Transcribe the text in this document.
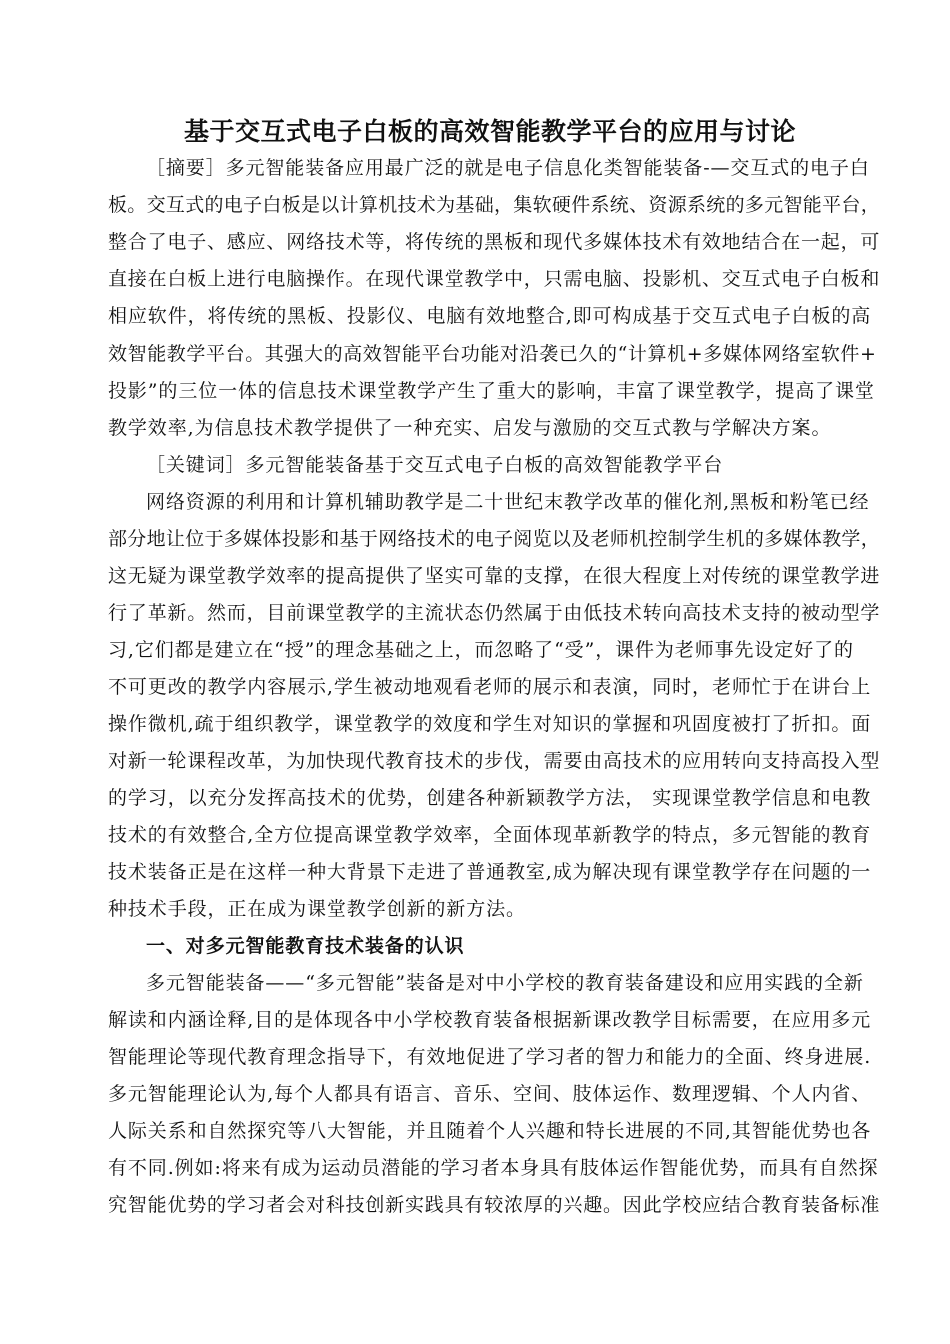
基于交互式电子白板的高效智能教学平台的应用与讨论
［摘要］多元智能装备应用最广泛的就是电子信息化类智能装备-—交互式的电子白
板。交互式的电子白板是以计算机技术为基础，集软硬件系统、资源系统的多元智能平台，
整合了电子、感应、网络技术等，将传统的黑板和现代多媒体技术有效地结合在一起，可
直接在白板上进行电脑操作。在现代课堂教学中，只需电脑、投影机、交互式电子白板和
相应软件，将传统的黑板、投影仪、电脑有效地整合,即可构成基于交互式电子白板的高
效智能教学平台。其强大的高效智能平台功能对沿袭已久的“计算机+多媒体网络室软件+
投影”的三位一体的信息技术课堂教学产生了重大的影响，丰富了课堂教学，提高了课堂
教学效率,为信息技术教学提供了一种充实、启发与激励的交互式教与学解决方案。
［关键词］多元智能装备基于交互式电子白板的高效智能教学平台
网络资源的利用和计算机辅助教学是二十世纪末教学改革的催化剂,黑板和粉笔已经
部分地让位于多媒体投影和基于网络技术的电子阅览以及老师机控制学生机的多媒体教学，
这无疑为课堂教学效率的提高提供了坚实可靠的支撑，在很大程度上对传统的课堂教学进
行了革新。然而，目前课堂教学的主流状态仍然属于由低技术转向高技术支持的被动型学
习,它们都是建立在“授”的理念基础之上，而忽略了“受”，课件为老师事先设定好了的
不可更改的教学内容展示,学生被动地观看老师的展示和表演，同时，老师忙于在讲台上
操作微机,疏于组织教学，课堂教学的效度和学生对知识的掌握和巩固度被打了折扣。面
对新一轮课程改革，为加快现代教育技术的步伐，需要由高技术的应用转向支持高投入型
的学习，以充分发挥高技术的优势，创建各种新颖教学方法， 实现课堂教学信息和电教
技术的有效整合,全方位提高课堂教学效率，全面体现革新教学的特点，多元智能的教育
技术装备正是在这样一种大背景下走进了普通教室,成为解决现有课堂教学存在问题的一
种技术手段，正在成为课堂教学创新的新方法。
一、对多元智能教育技术装备的认识
多元智能装备——“多元智能”装备是对中小学校的教育装备建设和应用实践的全新
解读和内涵诠释,目的是体现各中小学校教育装备根据新课改教学目标需要，在应用多元
智能理论等现代教育理念指导下，有效地促进了学习者的智力和能力的全面、终身进展.
多元智能理论认为,每个人都具有语言、音乐、空间、肢体运作、数理逻辑、个人内省、
人际关系和自然探究等八大智能，并且随着个人兴趣和特长进展的不同,其智能优势也各
有不同.例如:将来有成为运动员潜能的学习者本身具有肢体运作智能优势，而具有自然探
究智能优势的学习者会对科技创新实践具有较浓厚的兴趣。因此学校应结合教育装备标准
